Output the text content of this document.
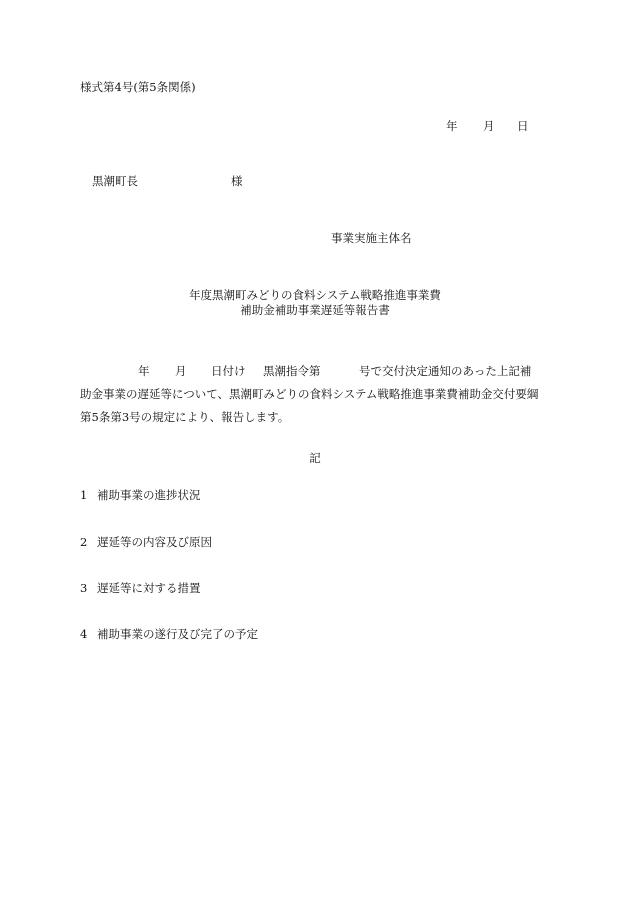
様式第4号(第5条関係)
年 月 日
黒潮町長	様
事業実施主体名
年度黒潮町みどりの食料システム戦略推進事業費
補助金補助事業遅延等報告書
年 月 日付け 黒潮指令第	号で交付決定通知のあった上記補
助金事業の遅延等について、黒潮町みどりの食料システム戦略推進事業費補助金交付要綱
第5条第3号の規定により、報告します。
記
1 補助事業の進捗状況
2 遅延等の内容及び原因
3 遅延等に対する措置
4 補助事業の遂行及び完了の予定
